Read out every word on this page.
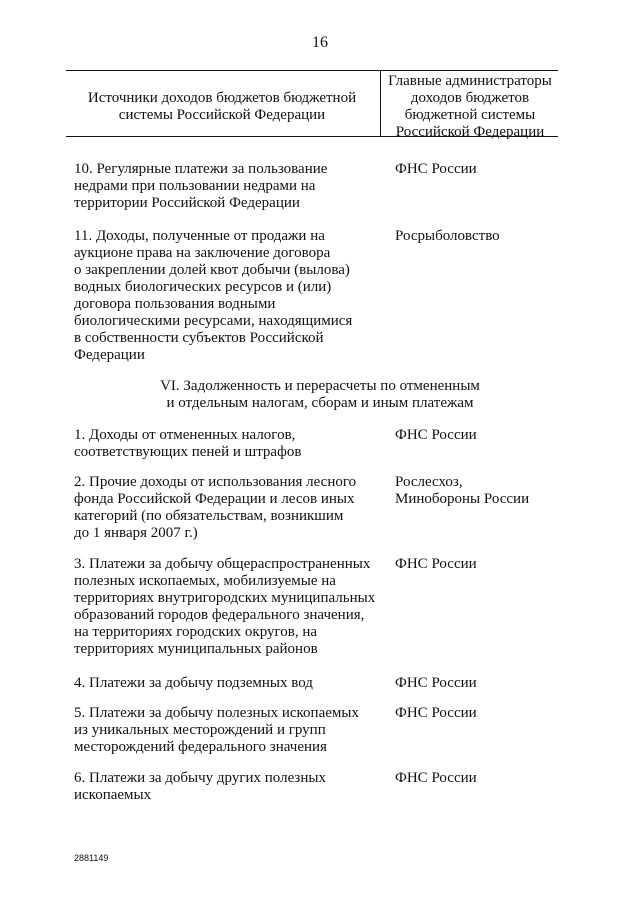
16
Источники доходов бюджетов бюджетной
системы Российской Федерации
Главные администраторы
доходов бюджетов
бюджетной системы
Российской Федерации
10. Регулярные платежи за пользование
недрами при пользовании недрами на
территории Российской Федерации
ФНС России
11. Доходы, полученные от продажи на
аукционе права на заключение договора
о закреплении долей квот добычи (вылова)
водных биологических ресурсов и (или)
договора пользования водными
биологическими ресурсами, находящимися
в собственности субъектов Российской
Федерации
Росрыболовство
VI. Задолженность и перерасчеты по отмененным
и отдельным налогам, сборам и иным платежам
1. Доходы от отмененных налогов,
соответствующих пеней и штрафов
ФНС России
2. Прочие доходы от использования лесного
фонда Российской Федерации и лесов иных
категорий (по обязательствам, возникшим
до 1 января 2007 г.)
Рослесхоз,
Минобороны России
3. Платежи за добычу общераспространенных
полезных ископаемых, мобилизуемые на
территориях внутригородских муниципальных
образований городов федерального значения,
на территориях городских округов, на
территориях муниципальных районов
ФНС России
4. Платежи за добычу подземных вод	ФНС России
5. Платежи за добычу полезных ископаемых
из уникальных месторождений и групп
месторождений федерального значения
ФНС России
6. Платежи за добычу других полезных
ископаемых
ФНС России
2881149
